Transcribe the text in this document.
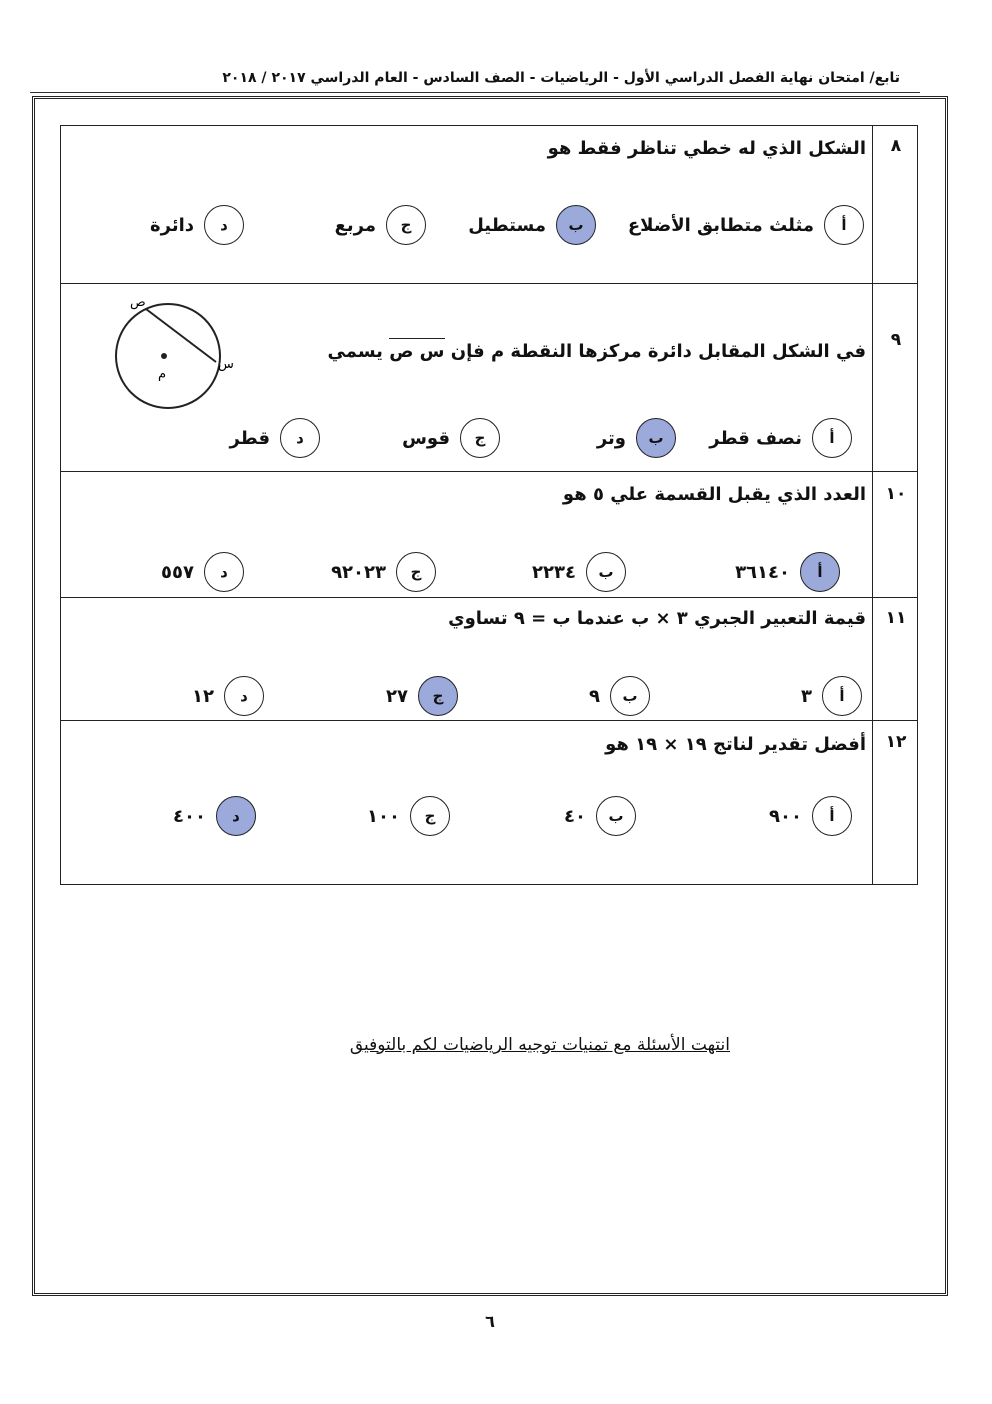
تابع/ امتحان نهاية الفصل الدراسي الأول - الرياضيات - الصف السادس - العام الدراسي ٢٠١٧ / ٢٠١٨
٨
الشكل الذي له خطي تناظر فقط هو
أ
مثلث متطابق الأضلاع
ب
مستطيل
ج
مربع
د
دائرة
٩
في الشكل المقابل دائرة مركزها النقطة م فإن س ص يسمي
ص
س
م
أ
نصف قطر
ب
وتر
ج
قوس
د
قطر
١٠
العدد الذي يقبل القسمة علي ٥ هو
أ
٣٦١٤٠
ب
٢٢٣٤
ج
٩٢٠٢٣
د
٥٥٧
١١
قيمة التعبير الجبري ٣ × ب عندما ب = ٩ تساوي
أ
٣
ب
٩
ج
٢٧
د
١٢
١٢
أفضل تقدير لناتج ١٩ × ١٩ هو
أ
٩٠٠
ب
٤٠
ج
١٠٠
د
٤٠٠
انتهت الأسئلة مع تمنيات توجيه الرياضيات لكم بالتوفيق
٦
